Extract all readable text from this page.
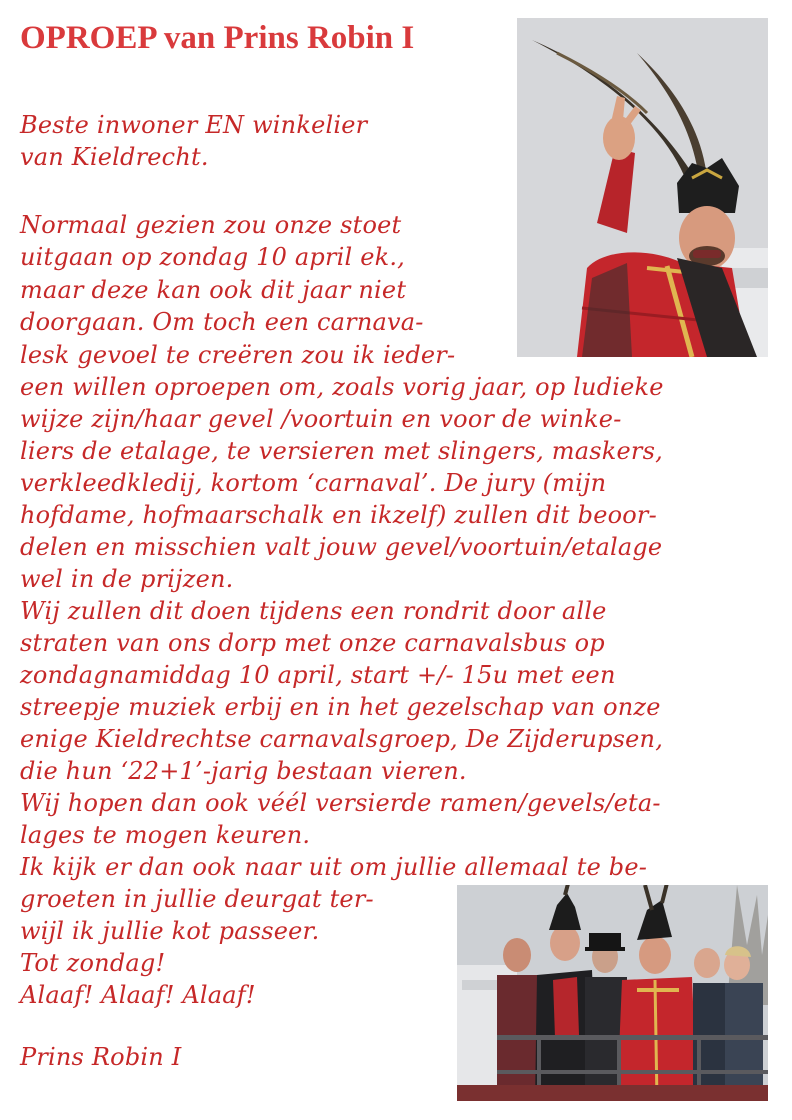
OPROEP van Prins Robin I

Beste inwoner EN winkelier

van Kieldrecht.

Normaal gezien zou onze stoet

uitgaan op zondag 10 april ek.,

maar deze kan ook dit jaar niet

doorgaan. Om toch een carnava-

lesk gevoel te creëren zou ik ieder-

een willen oproepen om, zoals vorig jaar, op ludieke

wijze zijn/haar gevel /voortuin en voor de winke-

liers de etalage, te versieren met slingers, maskers,

verkleedkledij, kortom ‘carnaval’. De jury (mijn

hofdame, hofmaarschalk en ikzelf) zullen dit beoor-

delen en misschien valt jouw gevel/voortuin/etalage

wel in de prijzen.

Wij zullen dit doen tijdens een rondrit door alle

straten van ons dorp met onze carnavalsbus op

zondagnamiddag 10 april, start +/- 15u met een

streepje muziek erbij en in het gezelschap van onze

enige Kieldrechtse carnavalsgroep, De Zijderupsen,

die hun ‘22+1’-jarig bestaan vieren.

Wij hopen dan ook véél versierde ramen/gevels/eta-

lages te mogen keuren.

Ik kijk er dan ook naar uit om jullie allemaal te be-

groeten in jullie deurgat ter-

wijl ik jullie kot passeer.

Tot zondag!

Alaaf! Alaaf! Alaaf!

Prins Robin I
